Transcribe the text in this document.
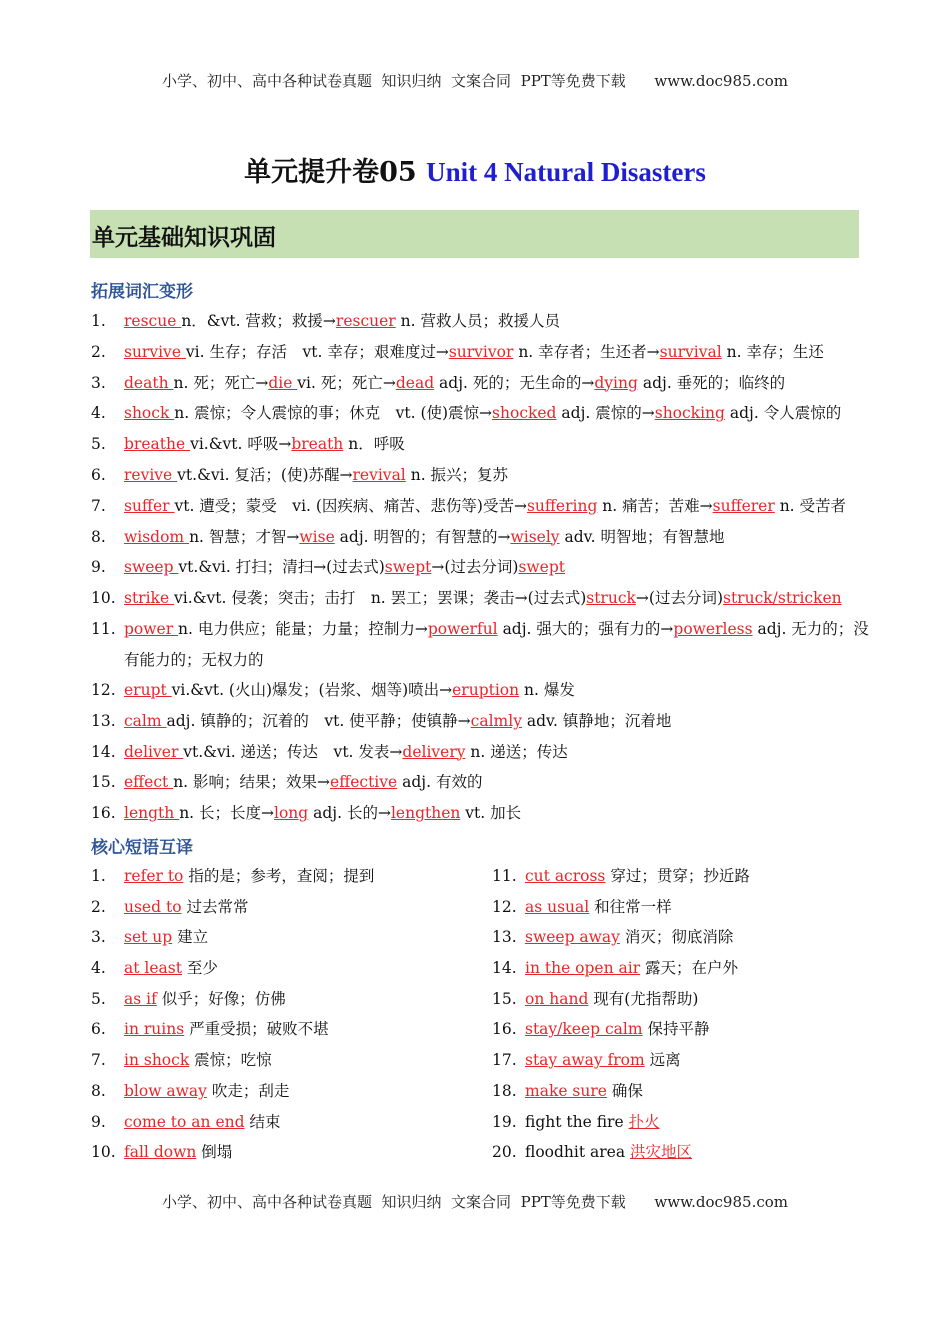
小学、初中、高中各种试卷真题  知识归纳  文案合同  PPT等免费下载      www.doc985.com
单元提升卷05 Unit 4 Natural Disasters
单元基础知识巩固
拓展词汇变形
1. rescue n．&vt. 营救；救援→rescuer n. 营救人员；救援人员
2. survive vi. 生存；存活　vt. 幸存；艰难度过→survivor n. 幸存者；生还者→survival n. 幸存；生还
3. death n. 死；死亡→die vi. 死；死亡→dead adj. 死的；无生命的→dying adj. 垂死的；临终的
4. shock n. 震惊；令人震惊的事；休克　vt. (使)震惊→shocked adj. 震惊的→shocking adj. 令人震惊的
5. breathe vi.&vt. 呼吸→breath n．呼吸
6. revive vt.&vi. 复活；(使)苏醒→revival n. 振兴；复苏
7. suffer vt. 遭受；蒙受　vi. (因疾病、痛苦、悲伤等)受苦→suffering n. 痛苦；苦难→sufferer n. 受苦者
8. wisdom n. 智慧；才智→wise adj. 明智的；有智慧的→wisely adv. 明智地；有智慧地
9. sweep vt.&vi. 打扫；清扫→(过去式)swept→(过去分词)swept
10. strike vi.&vt. 侵袭；突击；击打　n. 罢工；罢课；袭击→(过去式)struck→(过去分词)struck/stricken
11. power n. 电力供应；能量；力量；控制力→powerful adj. 强大的；强有力的→powerless adj. 无力的；没有能力的；无权力的
12. erupt vi.&vt. (火山)爆发；(岩浆、烟等)喷出→eruption n. 爆发
13. calm adj. 镇静的；沉着的　vt. 使平静；使镇静→calmly adv. 镇静地；沉着地
14. deliver vt.&vi. 递送；传达　vt. 发表→delivery n. 递送；传达
15. effect n. 影响；结果；效果→effective adj. 有效的
16. length n. 长；长度→long adj. 长的→lengthen vt. 加长
核心短语互译
1. refer to 指的是；参考，查阅；提到
2. used to 过去常常
3. set up 建立
4. at least 至少
5. as if 似乎；好像；仿佛
6. in ruins 严重受损；破败不堪
7. in shock 震惊；吃惊
8. blow away 吹走；刮走
9. come to an end 结束
10. fall down 倒塌
11. cut across 穿过；贯穿；抄近路
12. as usual 和往常一样
13. sweep away 消灭；彻底消除
14. in the open air 露天；在户外
15. on hand 现有(尤指帮助)
16. stay/keep calm 保持平静
17. stay away from 远离
18. make sure 确保
19. fight the fire 扑火
20. floodhit area 洪灾地区
小学、初中、高中各种试卷真题  知识归纳  文案合同  PPT等免费下载      www.doc985.com
